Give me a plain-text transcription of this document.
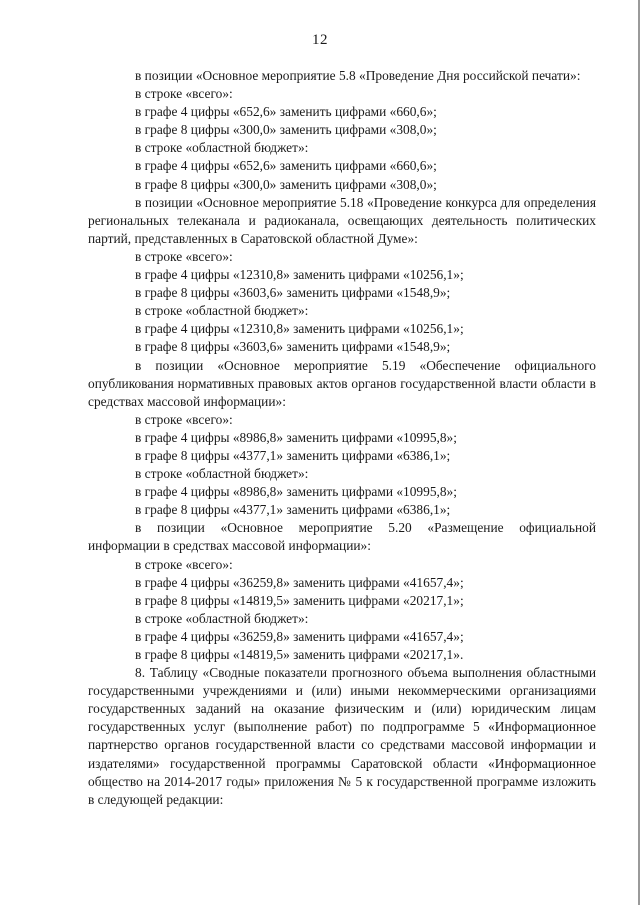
12

в позиции «Основное мероприятие 5.8 «Проведение Дня российской печати»:

в строке «всего»:

в графе 4 цифры «652,6» заменить цифрами «660,6»;

в графе 8 цифры «300,0» заменить цифрами «308,0»;

в строке «областной бюджет»:

в графе 4 цифры «652,6» заменить цифрами «660,6»;

в графе 8 цифры «300,0» заменить цифрами «308,0»;

в позиции «Основное мероприятие 5.18 «Проведение конкурса для определения региональных телеканала и радиоканала, освещающих деятельность политических партий, представленных в Саратовской областной Думе»:

в строке «всего»:

в графе 4 цифры «12310,8» заменить цифрами «10256,1»;

в графе 8 цифры «3603,6» заменить цифрами «1548,9»;

в строке «областной бюджет»:

в графе 4 цифры «12310,8» заменить цифрами «10256,1»;

в графе 8 цифры «3603,6» заменить цифрами «1548,9»;

в позиции «Основное мероприятие 5.19 «Обеспечение официального опубликования нормативных правовых актов органов государственной власти области в средствах массовой информации»:

в строке «всего»:

в графе 4 цифры «8986,8» заменить цифрами «10995,8»;

в графе 8 цифры «4377,1» заменить цифрами «6386,1»;

в строке «областной бюджет»:

в графе 4 цифры «8986,8» заменить цифрами «10995,8»;

в графе 8 цифры «4377,1» заменить цифрами «6386,1»;

в позиции «Основное мероприятие 5.20 «Размещение официальной информации в средствах массовой информации»:

в строке «всего»:

в графе 4 цифры «36259,8» заменить цифрами «41657,4»;

в графе 8 цифры «14819,5» заменить цифрами «20217,1»;

в строке «областной бюджет»:

в графе 4 цифры «36259,8» заменить цифрами «41657,4»;

в графе 8 цифры «14819,5» заменить цифрами «20217,1».

8. Таблицу «Сводные показатели прогнозного объема выполнения областными государственными учреждениями и (или) иными некоммерческими организациями государственных заданий на оказание физическим и (или) юридическим лицам государственных услуг (выполнение работ) по подпрограмме 5 «Информационное партнерство органов государственной власти со средствами массовой информации и издателями» государственной программы Саратовской области «Информационное общество на 2014-2017 годы» приложения № 5 к государственной программе изложить в следующей редакции:
